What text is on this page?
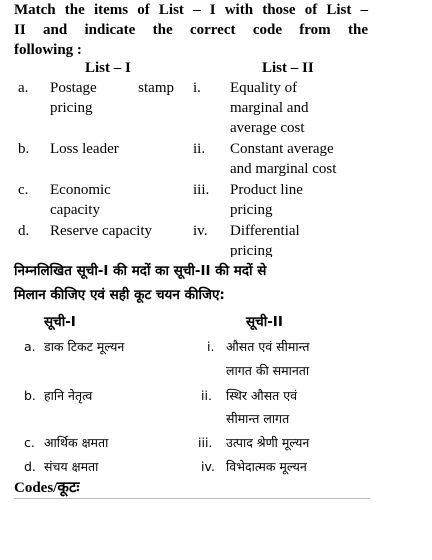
Match the items of List – I with those of List –
II and indicate the correct code from the
following :
List – I	List – II
a. Postage stamp
pricing
b. Loss leader
c. Economic
capacity
d. Reserve capacity
i. Equality of
marginal and
average cost
ii. Constant average
and marginal cost
iii. Product line
pricing
iv. Differential
pricing
निम्नलिखित सूची-I की मदों का सूची-II की मदों से
मिलान कीजिए एवं सही कूट चयन कीजिए:
सूची-I	सूची-II
a. डाक टिकट मूल्यन
b. हानि नेतृत्व
c. आर्थिक क्षमता
d. संचय क्षमता
i. औसत एवं सीमान्त
लागत की समानता
ii. स्थिर औसत एवं
सीमान्त लागत
iii. उत्पाद श्रेणी मूल्यन
iv. विभेदात्मक मूल्यन
Codes/कूटः
